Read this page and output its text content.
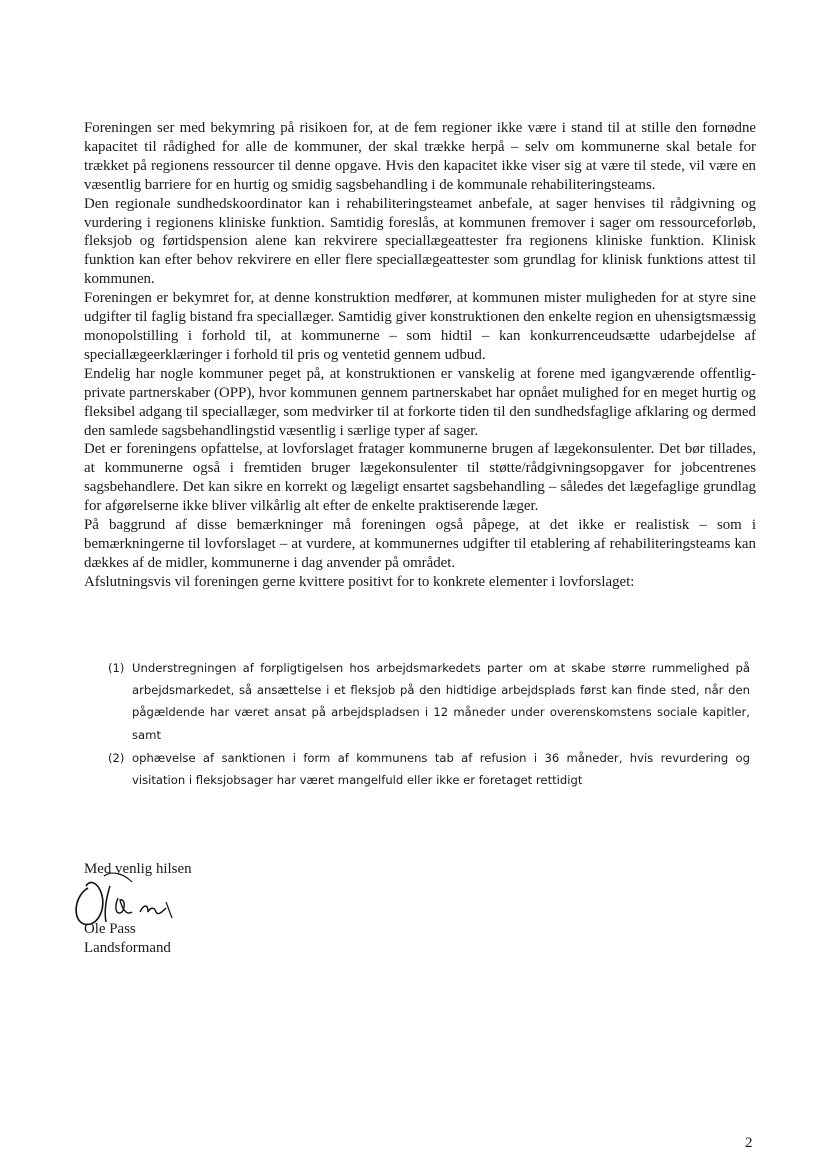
Foreningen ser med bekymring på risikoen for, at de fem regioner ikke være i stand til at stille den fornødne kapacitet til rådighed for alle de kommuner, der skal trække herpå – selv om kommunerne skal betale for trækket på regionens ressourcer til denne opgave. Hvis den kapacitet ikke viser sig at være til stede, vil være en væsentlig barriere for en hurtig og smidig sagsbehandling i de kommunale rehabiliteringsteams.

Den regionale sundhedskoordinator kan i rehabiliteringsteamet anbefale, at sager henvises til rådgivning og vurdering i regionens kliniske funktion. Samtidig foreslås, at kommunen fremover i sager om ressourceforløb, fleksjob og førtidspension alene kan rekvirere speciallægeattester fra regionens kliniske funktion. Klinisk funktion kan efter behov rekvirere en eller flere speciallægeattester som grundlag for klinisk funktions attest til kommunen.

Foreningen er bekymret for, at denne konstruktion medfører, at kommunen mister muligheden for at styre sine udgifter til faglig bistand fra speciallæger. Samtidig giver konstruktionen den enkelte region en uhensigtsmæssig monopolstilling i forhold til, at kommunerne – som hidtil – kan konkurrenceudsætte udarbejdelse af speciallægeerklæringer i forhold til pris og ventetid gennem udbud.

Endelig har nogle kommuner peget på, at konstruktionen er vanskelig at forene med igangværende offentlig-private partnerskaber (OPP), hvor kommunen gennem partnerskabet har opnået mulighed for en meget hurtig og fleksibel adgang til speciallæger, som medvirker til at forkorte tiden til den sundhedsfaglige afklaring og dermed den samlede sagsbehandlingstid væsentlig i særlige typer af sager.

Det er foreningens opfattelse, at lovforslaget fratager kommunerne brugen af lægekonsulenter. Det bør tillades, at kommunerne også i fremtiden bruger lægekonsulenter til støtte/rådgivningsopgaver for jobcentrenes sagsbehandlere. Det kan sikre en korrekt og lægeligt ensartet sagsbehandling – således det lægefaglige grundlag for afgørelserne ikke bliver vilkårlig alt efter de enkelte praktiserende læger.

På baggrund af disse bemærkninger må foreningen også påpege, at det ikke er realistisk – som i bemærkningerne til lovforslaget – at vurdere, at kommunernes udgifter til etablering af rehabiliteringsteams kan dækkes af de midler, kommunerne i dag anvender på området.

Afslutningsvis vil foreningen gerne kvittere positivt for to konkrete elementer i lovforslaget:

(1) Understregningen af forpligtigelsen hos arbejdsmarkedets parter om at skabe større rummelighed på arbejdsmarkedet, så ansættelse i et fleksjob på den hidtidige arbejdsplads først kan finde sted, når den pågældende har været ansat på arbejdspladsen i 12 måneder under overenskomstens sociale kapitler, samt
(2) ophævelse af sanktionen i form af kommunens tab af refusion i 36 måneder, hvis revurdering og visitation i fleksjobsager har været mangelfuld eller ikke er foretaget rettidigt
Med venlig hilsen
Ole Pass
Landsformand
2
